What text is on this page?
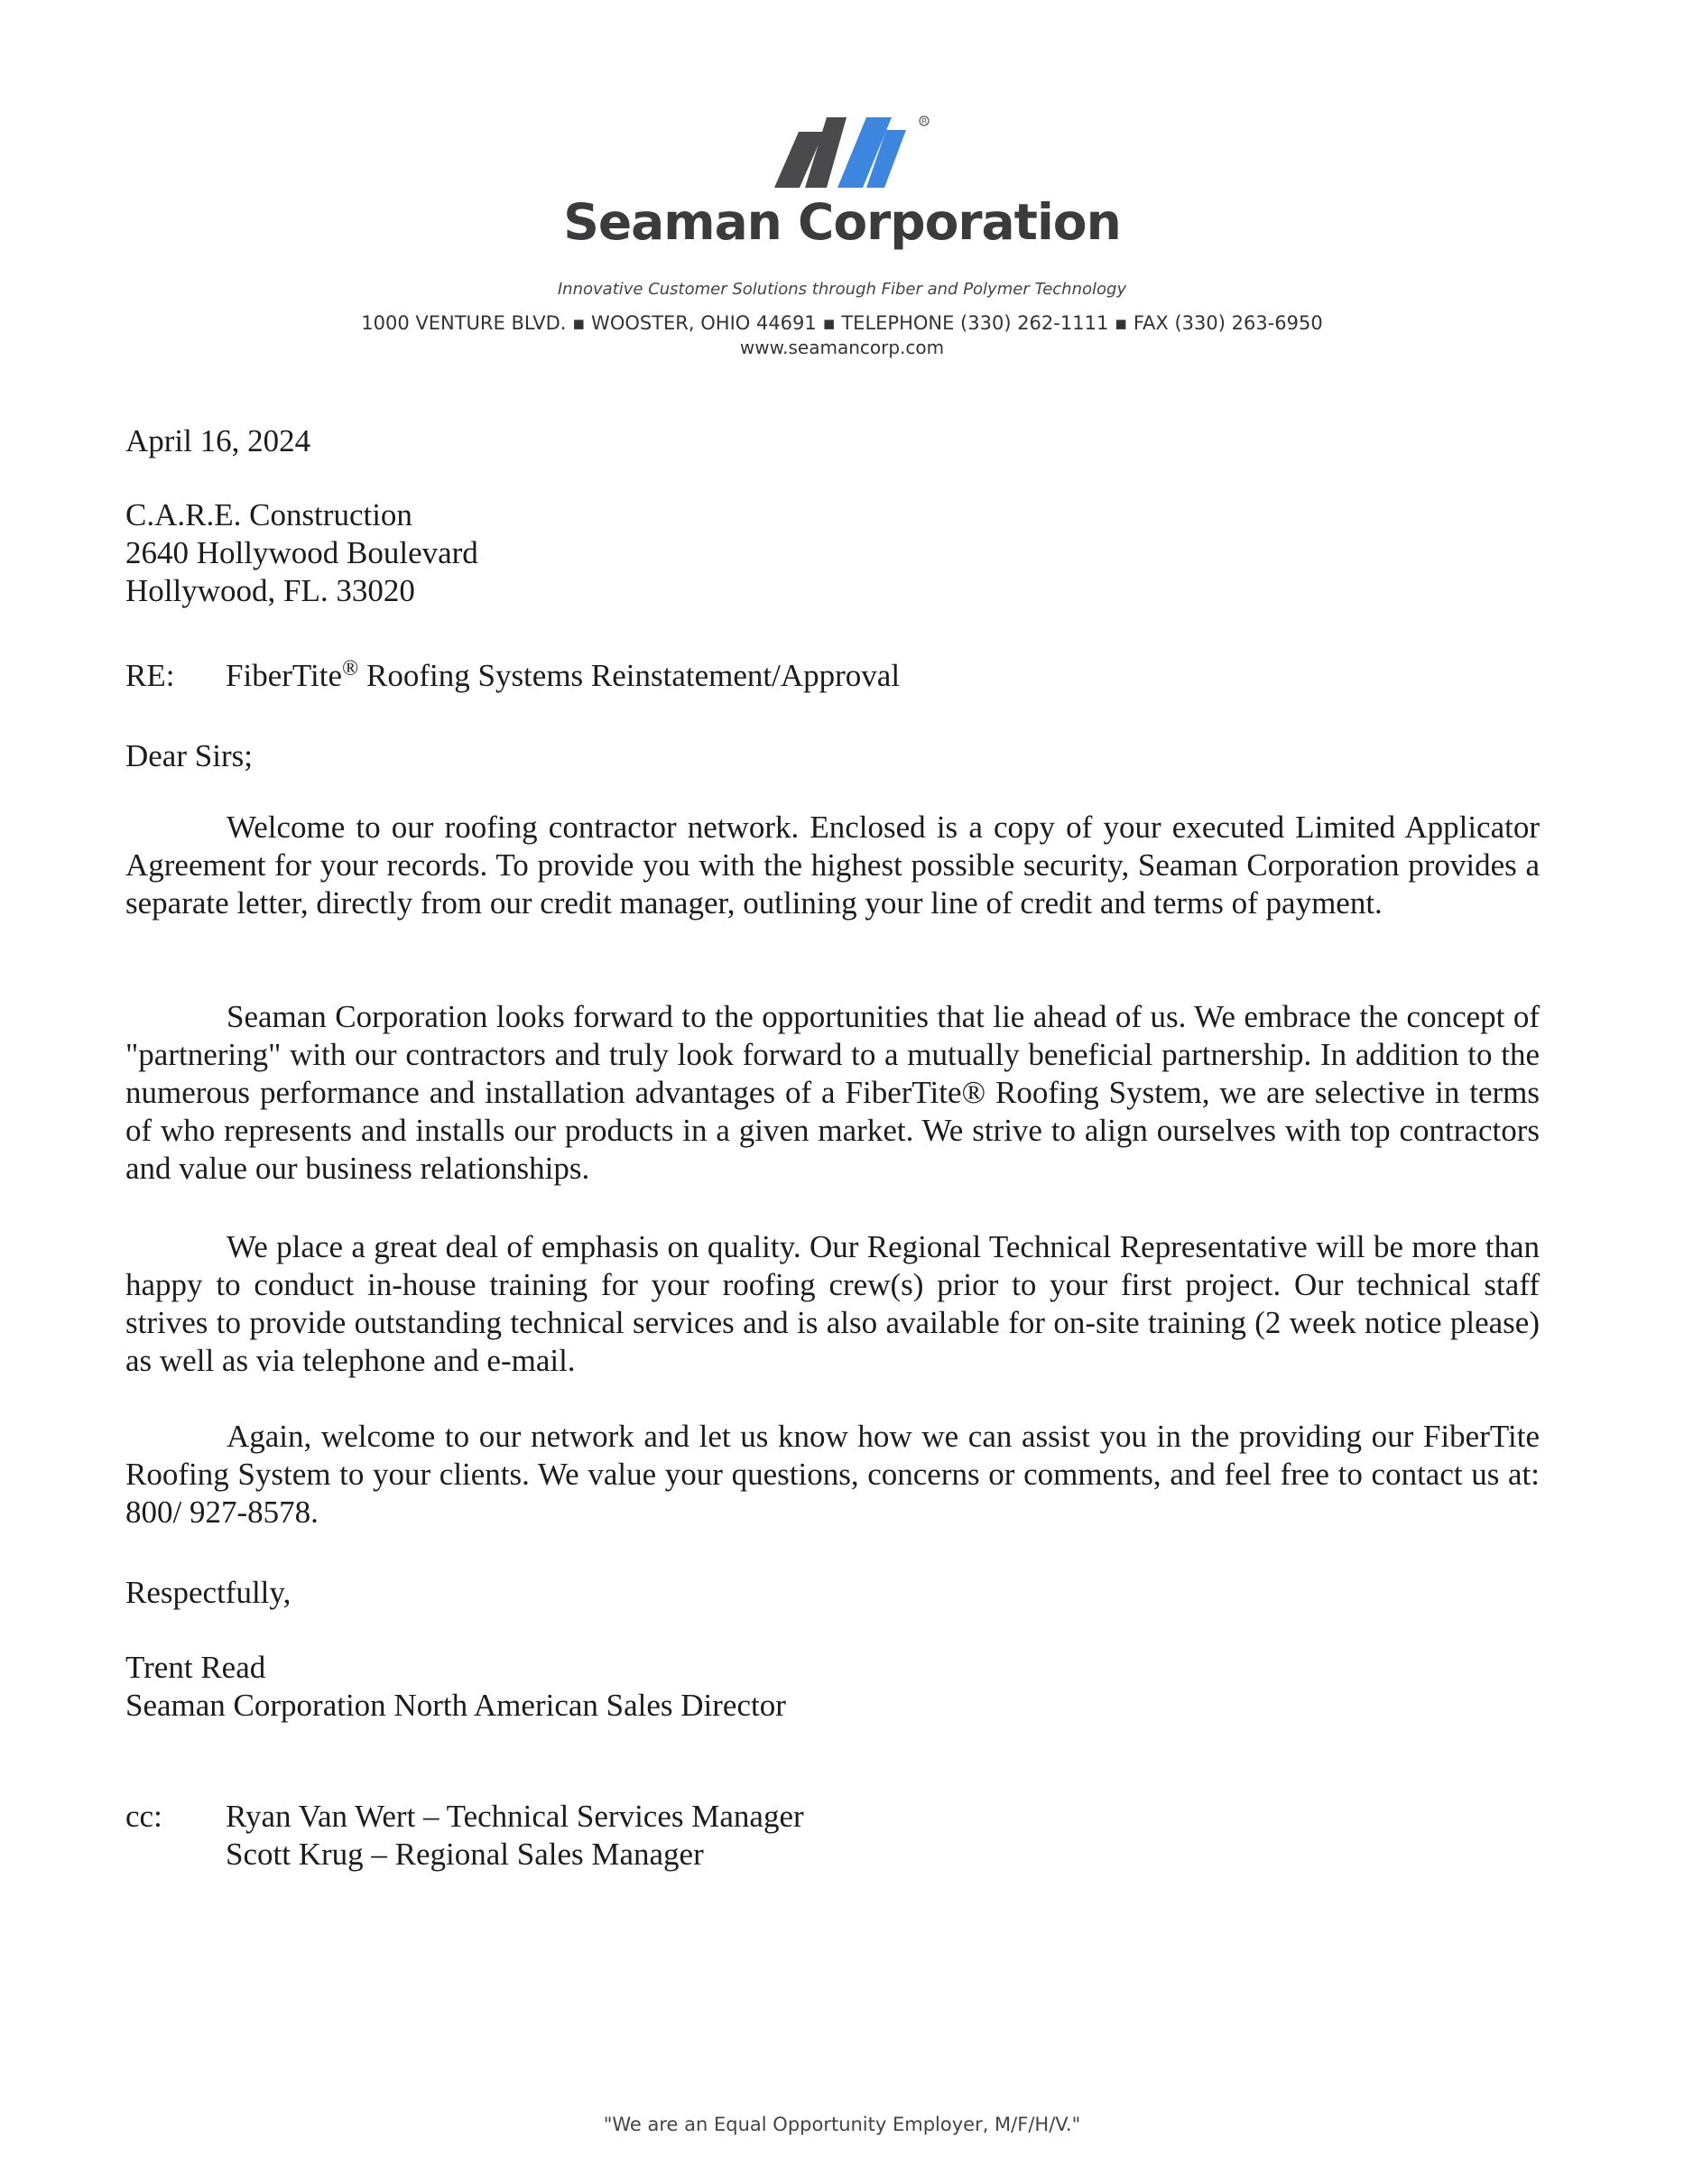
R
Seaman Corporation
Innovative Customer Solutions through Fiber and Polymer Technology
1000 VENTURE BLVD. ▪ WOOSTER, OHIO 44691 ▪ TELEPHONE (330) 262-1111 ▪ FAX (330) 263-6950
www.seamancorp.com
April 16, 2024
C.A.R.E. Construction
2640 Hollywood Boulevard
Hollywood, FL. 33020
RE: FiberTite® Roofing Systems Reinstatement/Approval
Dear Sirs;

Welcome to our roofing contractor network. Enclosed is a copy of your executed Limited Applicator Agreement for your records. To provide you with the highest possible security, Seaman Corporation provides a separate letter, directly from our credit manager, outlining your line of credit and terms of payment.

Seaman Corporation looks forward to the opportunities that lie ahead of us. We embrace the concept of "partnering" with our contractors and truly look forward to a mutually beneficial partnership. In addition to the numerous performance and installation advantages of a FiberTite® Roofing System, we are selective in terms of who represents and installs our products in a given market. We strive to align ourselves with top contractors and value our business relationships.

We place a great deal of emphasis on quality. Our Regional Technical Representative will be more than happy to conduct in-house training for your roofing crew(s) prior to your first project. Our technical staff strives to provide outstanding technical services and is also available for on-site training (2 week notice please) as well as via telephone and e-mail.

Again, welcome to our network and let us know how we can assist you in the providing our FiberTite Roofing System to your clients. We value your questions, concerns or comments, and feel free to contact us at: 800/ 927-8578.

Respectfully,
Trent Read
Seaman Corporation North American Sales Director
cc: Ryan Van Wert – Technical Services Manager
Scott Krug – Regional Sales Manager
"We are an Equal Opportunity Employer, M/F/H/V."
